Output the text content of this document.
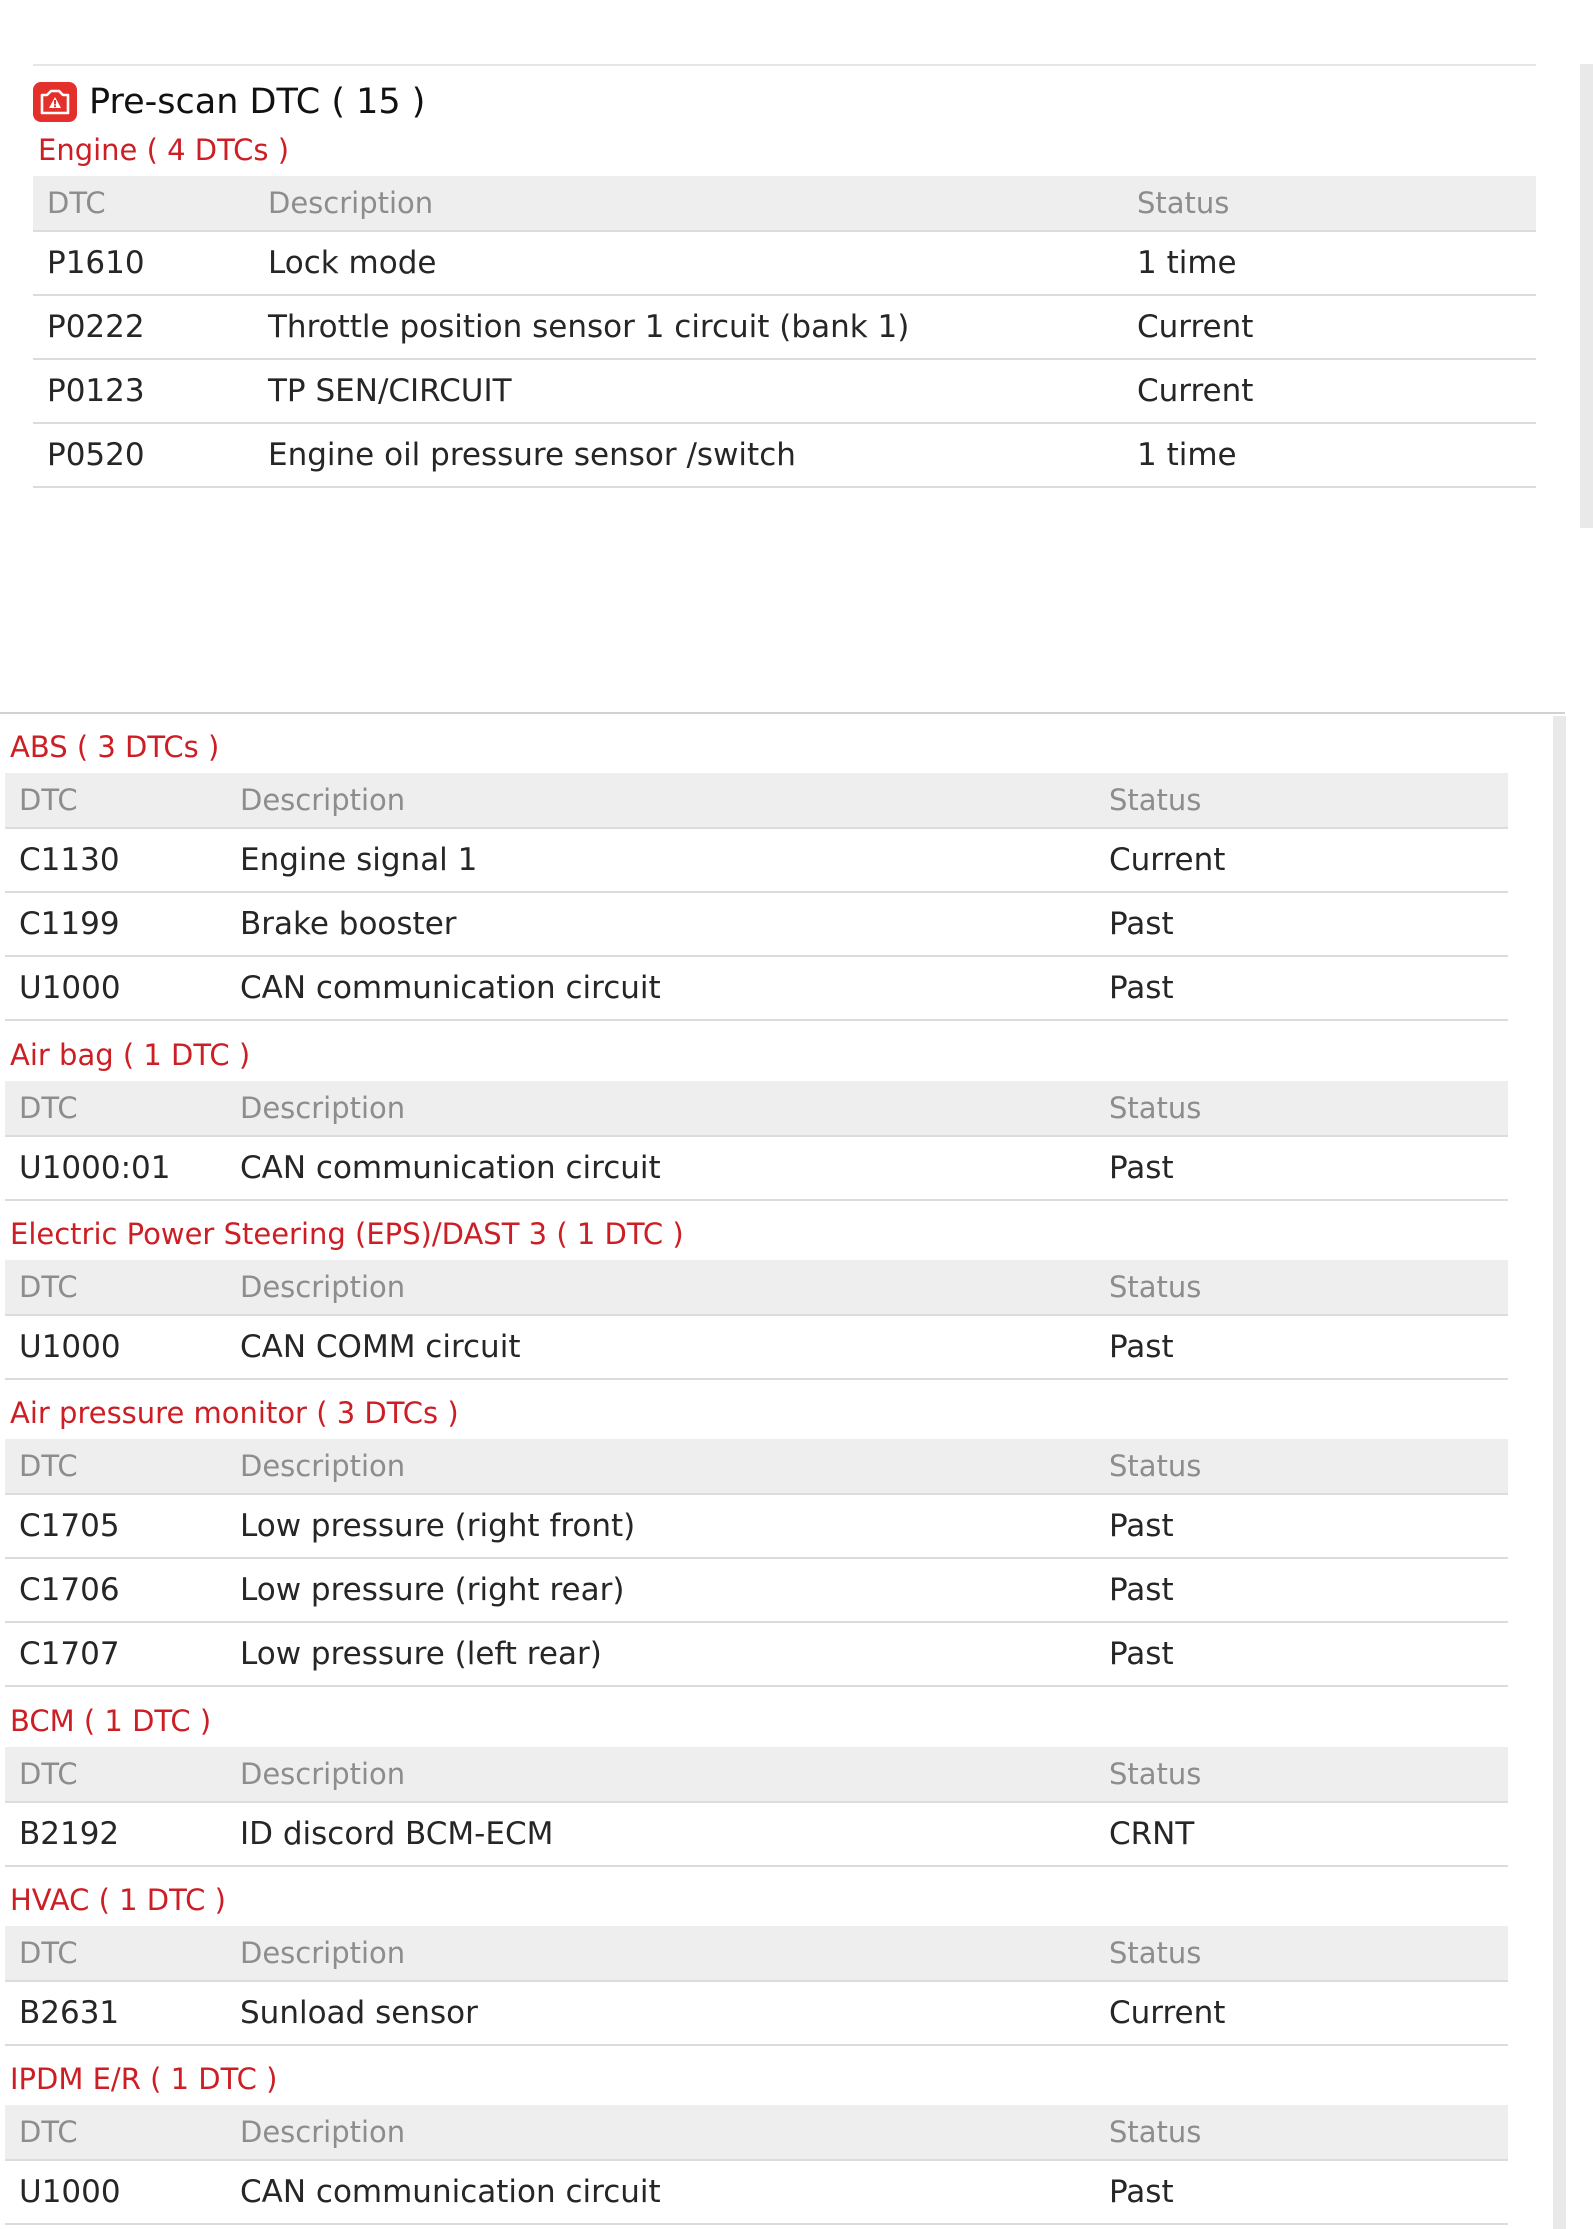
Pre-scan DTC ( 15 )
Engine ( 4 DTCs )
DTC	Description	Status
P1610	Lock mode	1 time
P0222	Throttle position sensor 1 circuit (bank 1)	Current
P0123	TP SEN/CIRCUIT	Current
P0520	Engine oil pressure sensor /switch	1 time
ABS ( 3 DTCs )
DTC	Description	Status
C1130	Engine signal 1	Current
C1199	Brake booster	Past
U1000	CAN communication circuit	Past
Air bag ( 1 DTC )
DTC	Description	Status
U1000:01	CAN communication circuit	Past
Electric Power Steering (EPS)/DAST 3 ( 1 DTC )
DTC	Description	Status
U1000	CAN COMM circuit	Past
Air pressure monitor ( 3 DTCs )
DTC	Description	Status
C1705	Low pressure (right front)	Past
C1706	Low pressure (right rear)	Past
C1707	Low pressure (left rear)	Past
BCM ( 1 DTC )
DTC	Description	Status
B2192	ID discord BCM-ECM	CRNT
HVAC ( 1 DTC )
DTC	Description	Status
B2631	Sunload sensor	Current
IPDM E/R ( 1 DTC )
DTC	Description	Status
U1000	CAN communication circuit	Past
